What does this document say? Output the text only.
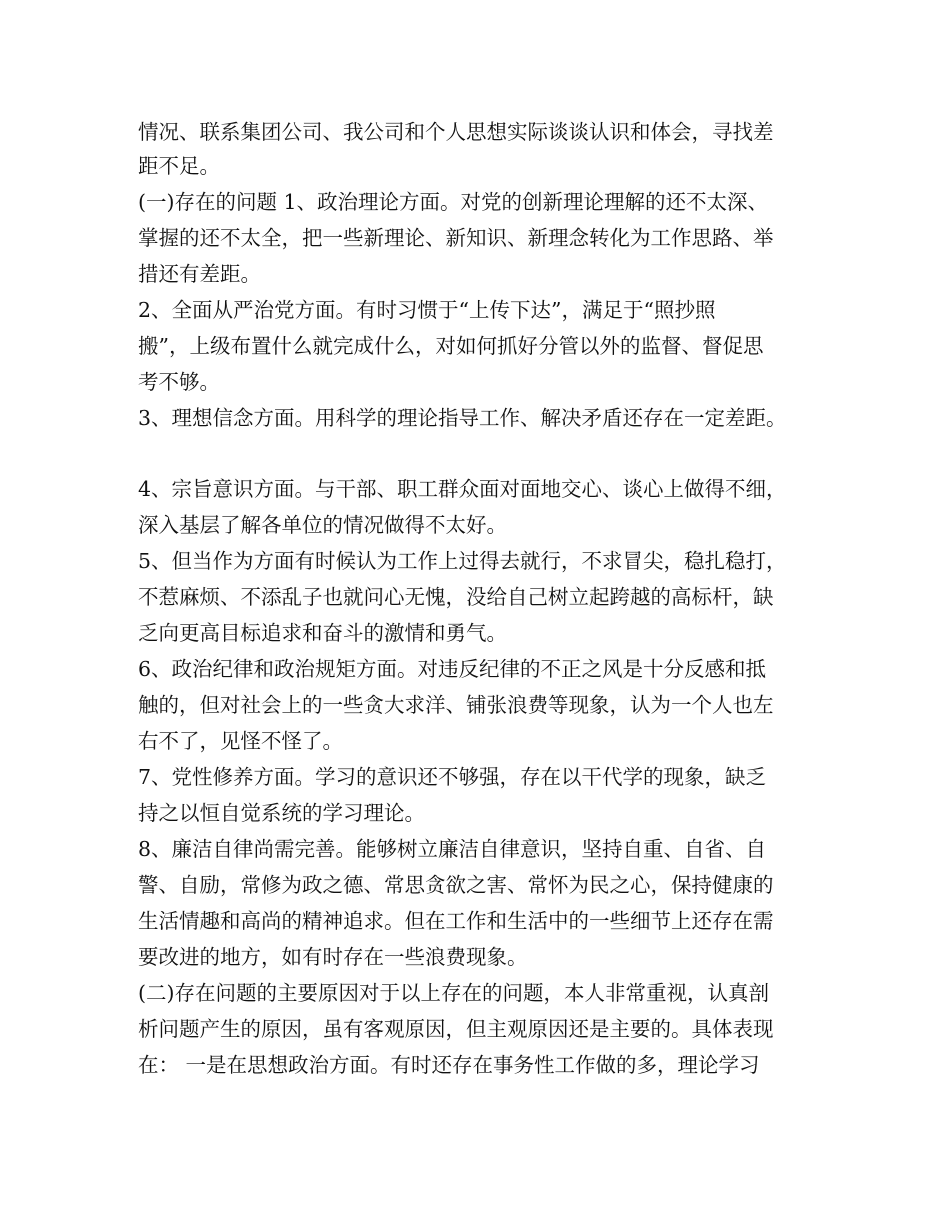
情况、联系集团公司、我公司和个人思想实际谈谈认识和体会，寻找差
距不足。
(一)存在的问题 1、政治理论方面。对党的创新理论理解的还不太深、
掌握的还不太全，把一些新理论、新知识、新理念转化为工作思路、举
措还有差距。
2、全面从严治党方面。有时习惯于“上传下达”，满足于“照抄照
搬”，上级布置什么就完成什么，对如何抓好分管以外的监督、督促思
考不够。
3、理想信念方面。用科学的理论指导工作、解决矛盾还存在一定差距。
4、宗旨意识方面。与干部、职工群众面对面地交心、谈心上做得不细，
深入基层了解各单位的情况做得不太好。
5、但当作为方面有时候认为工作上过得去就行，不求冒尖，稳扎稳打，
不惹麻烦、不添乱子也就问心无愧，没给自己树立起跨越的高标杆，缺
乏向更高目标追求和奋斗的激情和勇气。
6、政治纪律和政治规矩方面。对违反纪律的不正之风是十分反感和抵
触的，但对社会上的一些贪大求洋、铺张浪费等现象，认为一个人也左
右不了，见怪不怪了。
7、党性修养方面。学习的意识还不够强，存在以干代学的现象，缺乏
持之以恒自觉系统的学习理论。
8、廉洁自律尚需完善。能够树立廉洁自律意识，坚持自重、自省、自
警、自励，常修为政之德、常思贪欲之害、常怀为民之心，保持健康的
生活情趣和高尚的精神追求。但在工作和生活中的一些细节上还存在需
要改进的地方，如有时存在一些浪费现象。
(二)存在问题的主要原因对于以上存在的问题，本人非常重视，认真剖
析问题产生的原因，虽有客观原因，但主观原因还是主要的。具体表现
在： 一是在思想政治方面。有时还存在事务性工作做的多，理论学习
